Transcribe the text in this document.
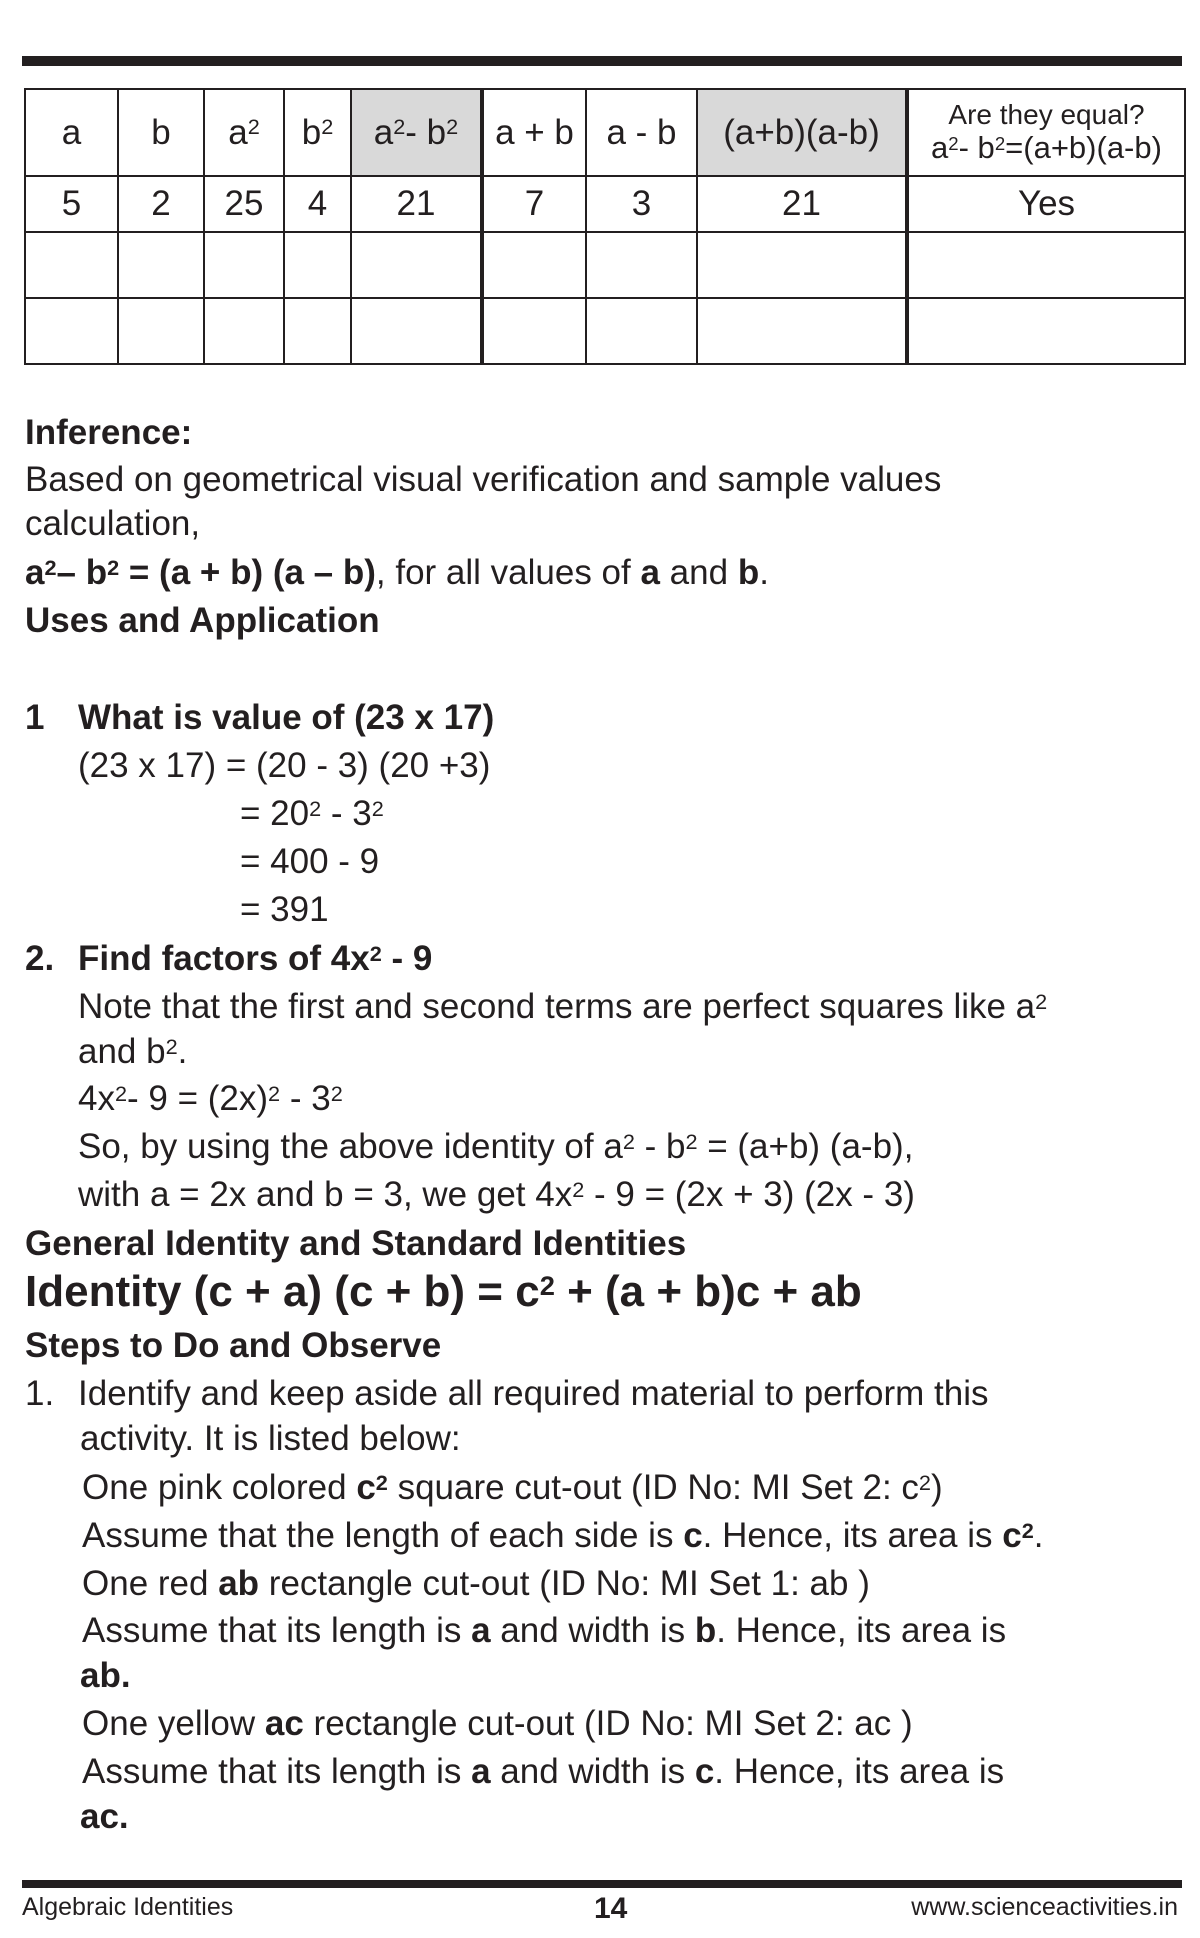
a	b	$a^2$	$b^2$	$a^2-$ $b^2$	a + b	a - b	(a+b)(a-b)	Are they equal?
$a^2-$ $b^2=(a+b)(a-b)$

5	2	25	4	21	7	3	21	Yes

Inference:
Based on geometrical visual verification and sample values
calculation,
$a^2-$ $b^2 = (a + b)$ (a – b), for all values of a and b.
Uses and Application
1 What is value of (23 x 17)
(23 x 17) = (20 - 3) (20 +3)
= $20^2 - 3^2$
= 400 - 9
= 391
2. Find factors of $4x^2 - 9$
Note that the first and second terms are perfect squares like $a^2$
and $b^2$.
$4x^2-$ $9 = (2x)^2 - 3^2$
So, by using the above identity of $a^2 - b^2 = (a+b)$ (a-b),
with a = 2x and b = 3, we get $4x^2 - 9 = (2x + 3)$ (2x - 3)
General Identity and Standard Identities
Identity (c + a) $(c + b) = c^2 + (a + b)c$ + ab
Steps to Do and Observe
1. Identify and keep aside all required material to perform this
activity. It is listed below:
One pink colored $c^2$ square cut-out (ID No: MI Set 2: $c^2$)
Assume that the length of each side is c. Hence, its area is $c^2$.
One red ab rectangle cut-out (ID No: MI Set 1: ab )
Assume that its length is a and width is b. Hence, its area is
ab.
One yellow ac rectangle cut-out (ID No: MI Set 2: ac )
Assume that its length is a and width is c. Hence, its area is
ac.
Algebraic Identities	14	www.scienceactivities.in
